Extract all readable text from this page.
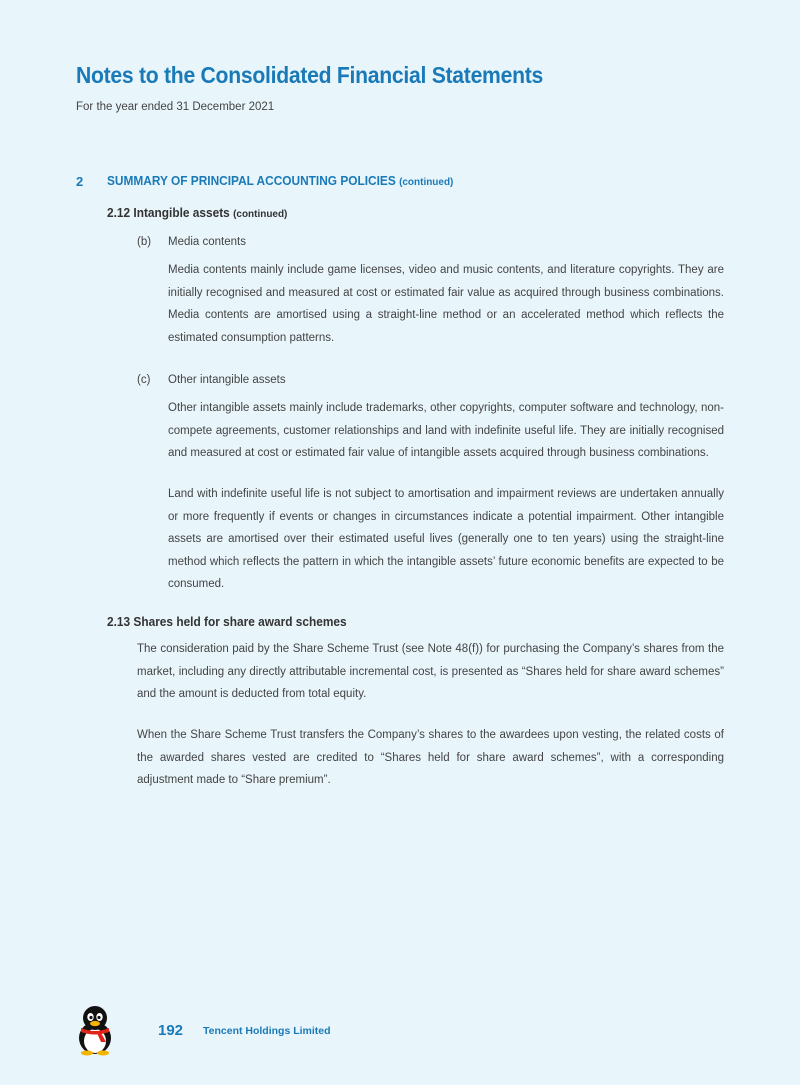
Notes to the Consolidated Financial Statements
For the year ended 31 December 2021
2 SUMMARY OF PRINCIPAL ACCOUNTING POLICIES (continued)
2.12 Intangible assets (continued)
(b) Media contents

Media contents mainly include game licenses, video and music contents, and literature copyrights. They are initially recognised and measured at cost or estimated fair value as acquired through business combinations. Media contents are amortised using a straight-line method or an accelerated method which reflects the estimated consumption patterns.

(c) Other intangible assets

Other intangible assets mainly include trademarks, other copyrights, computer software and technology, non-compete agreements, customer relationships and land with indefinite useful life. They are initially recognised and measured at cost or estimated fair value of intangible assets acquired through business combinations.

Land with indefinite useful life is not subject to amortisation and impairment reviews are undertaken annually or more frequently if events or changes in circumstances indicate a potential impairment. Other intangible assets are amortised over their estimated useful lives (generally one to ten years) using the straight-line method which reflects the pattern in which the intangible assets’ future economic benefits are expected to be consumed.

2.13 Shares held for share award schemes

The consideration paid by the Share Scheme Trust (see Note 48(f)) for purchasing the Company’s shares from the market, including any directly attributable incremental cost, is presented as “Shares held for share award schemes” and the amount is deducted from total equity.

When the Share Scheme Trust transfers the Company’s shares to the awardees upon vesting, the related costs of the awarded shares vested are credited to “Shares held for share award schemes”, with a corresponding adjustment made to “Share premium”.

192 Tencent Holdings Limited
